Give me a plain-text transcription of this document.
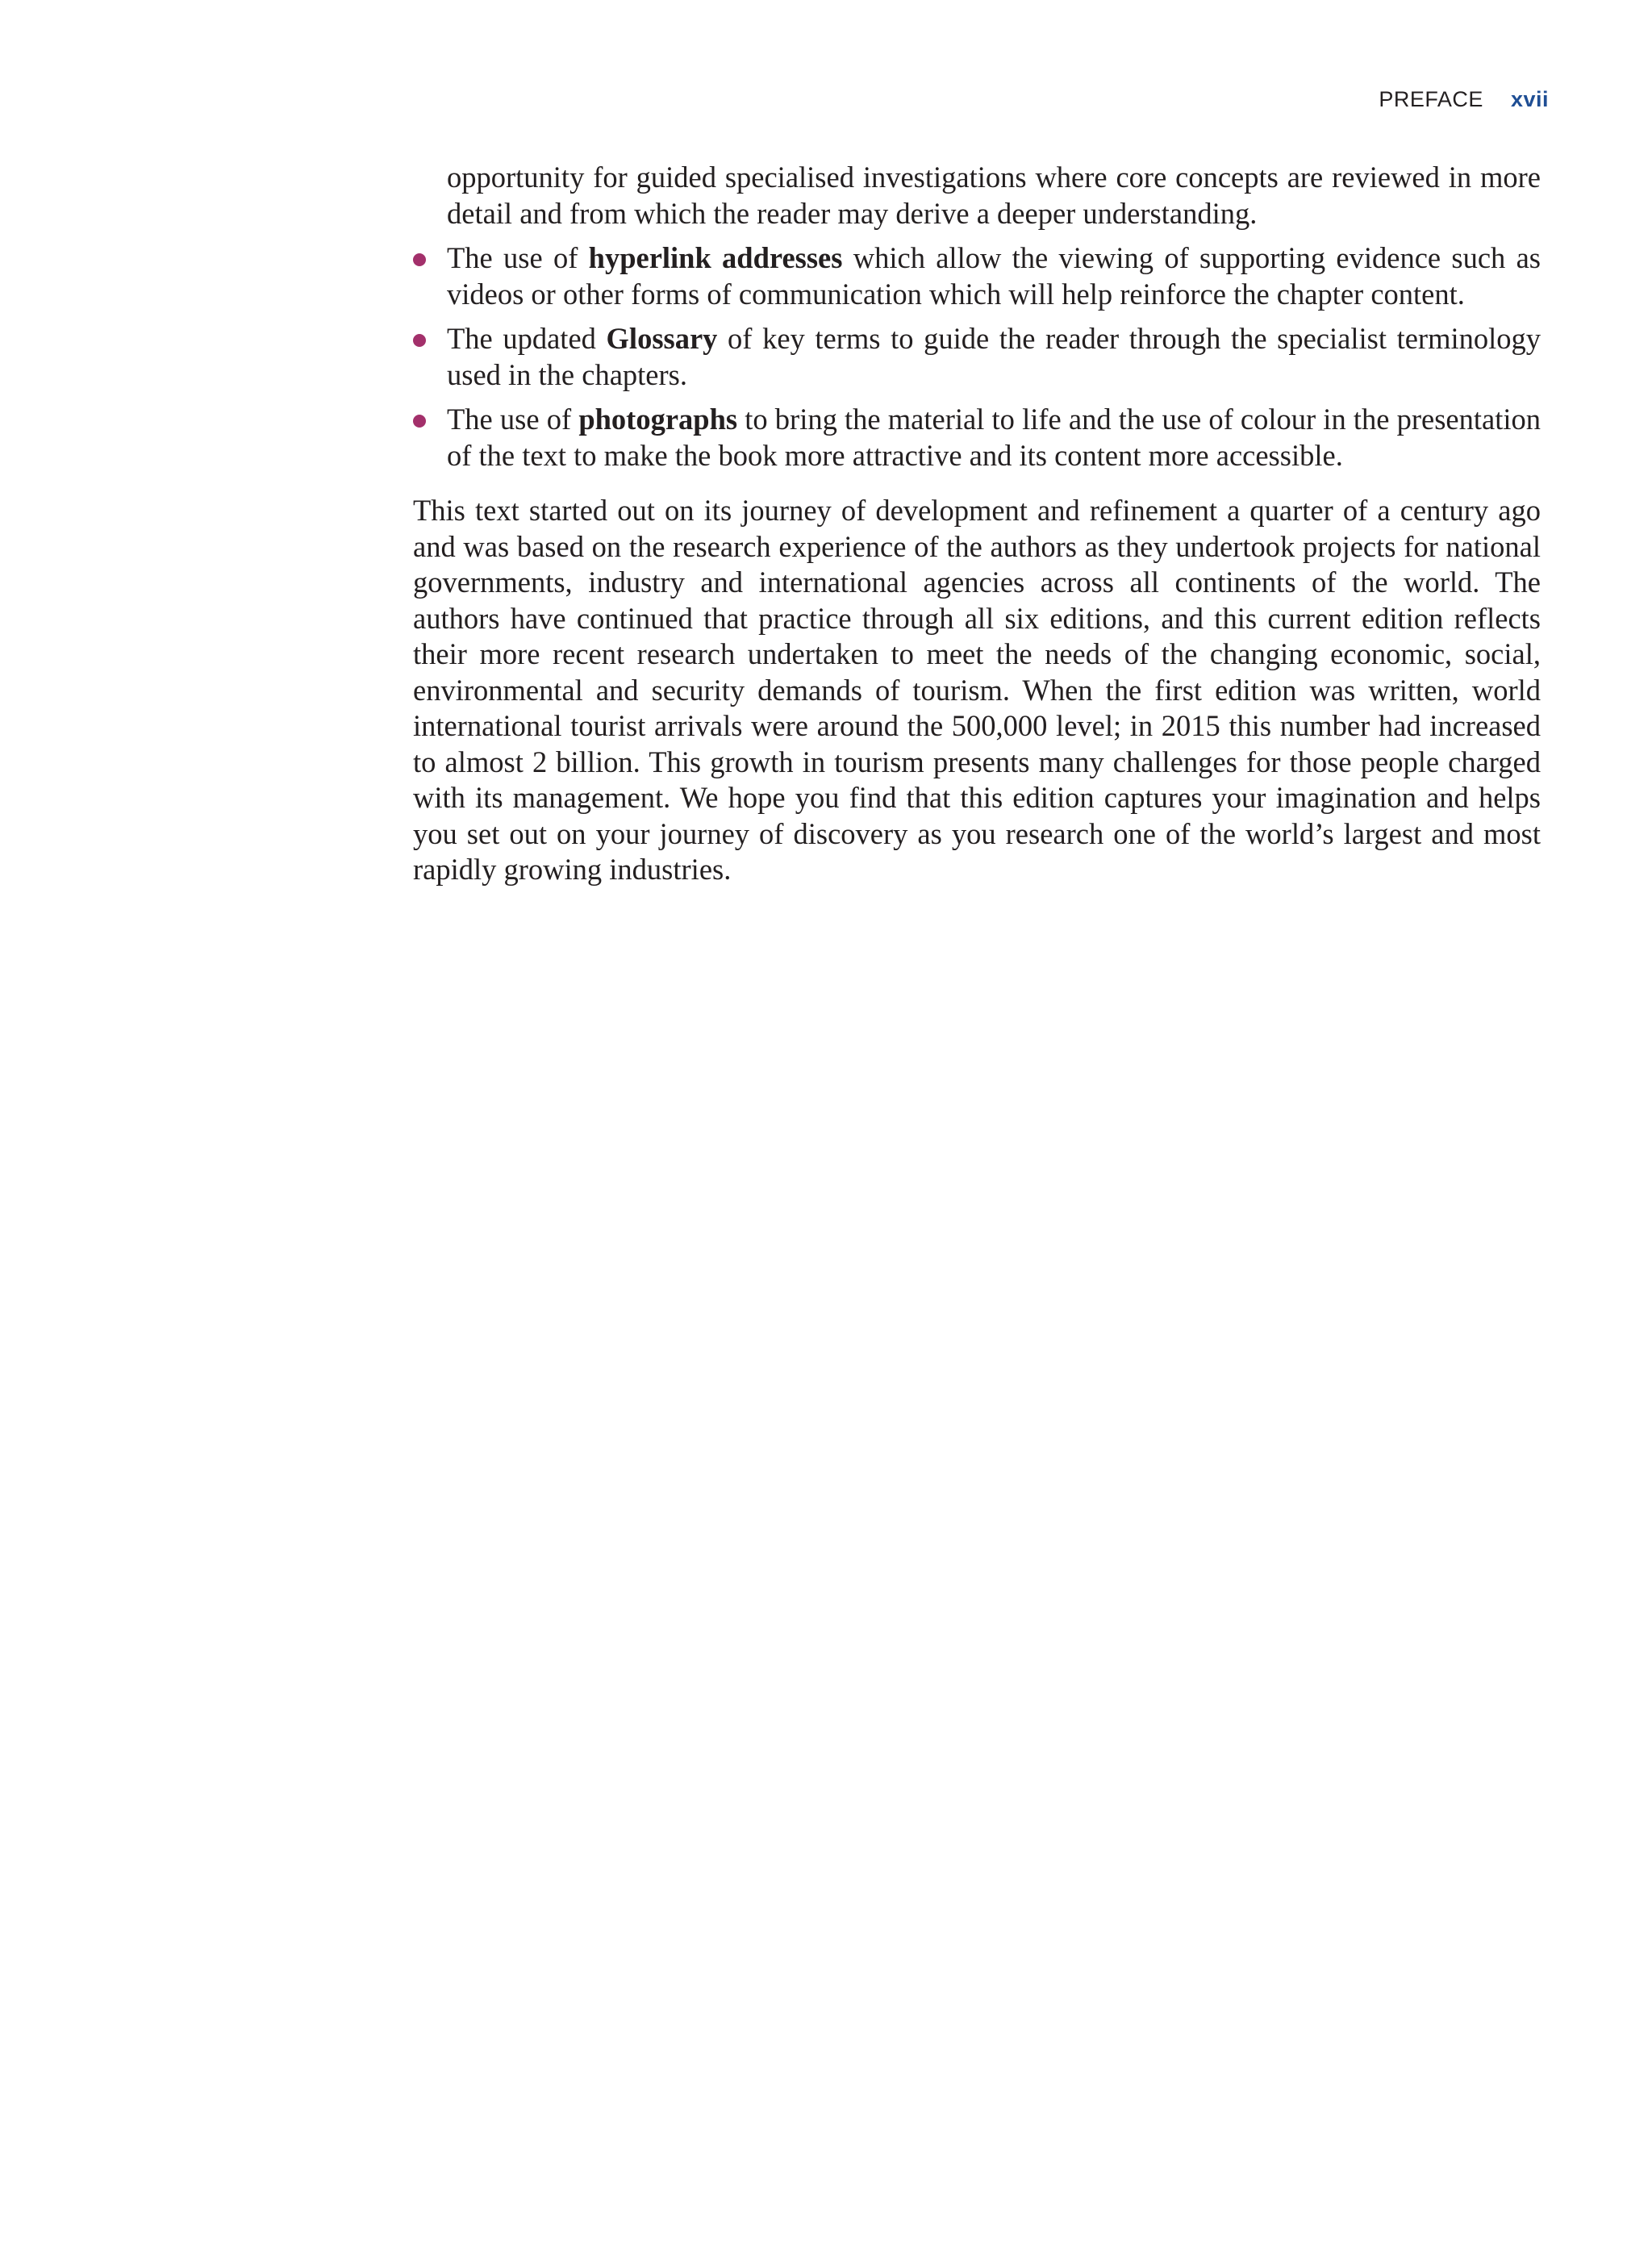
PREFACE xvii

opportunity for guided specialised investigations where core concepts are reviewed in more detail and from which the reader may derive a deeper understanding.

The use of hyperlink addresses which allow the viewing of supporting evidence such as videos or other forms of communication which will help reinforce the chapter content.
The updated Glossary of key terms to guide the reader through the specialist terminology used in the chapters.
The use of photographs to bring the material to life and the use of colour in the presentation of the text to make the book more attractive and its content more accessible.

This text started out on its journey of development and refinement a quarter of a century ago and was based on the research experience of the authors as they undertook projects for national governments, industry and international agencies across all continents of the world. The authors have continued that practice through all six editions, and this current edition reflects their more recent research undertaken to meet the needs of the changing economic, social, environmental and security demands of tourism. When the first edition was written, world international tourist arrivals were around the 500,000 level; in 2015 this number had increased to almost 2 billion. This growth in tourism presents many challenges for those people charged with its management. We hope you find that this edition captures your imagination and helps you set out on your journey of discovery as you research one of the world’s largest and most rapidly growing industries.
